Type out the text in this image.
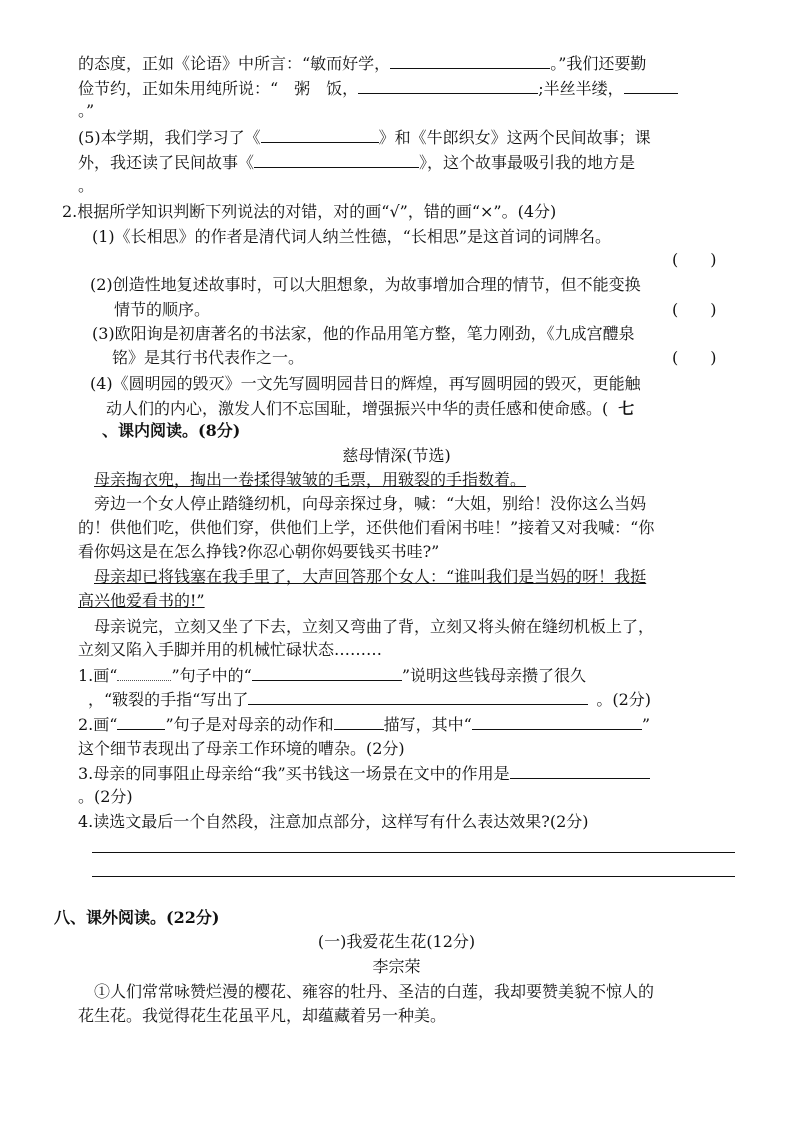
的态度，正如《论语》中所言：“敏而好学，	。”我们还要勤
俭节约，正如朱用纯所说：“　粥　饭，	;半丝半缕，
。”
(5)本学期，我们学习了《	》和《牛郎织女》这两个民间故事；课
外，我还读了民间故事《	》，这个故事最吸引我的地方是
。
2.根据所学知识判断下列说法的对错，对的画“√”，错的画“×”。(4分)
(1)《长相思》的作者是清代词人纳兰性德，“长相思”是这首词的词牌名。
(　　)
(2)创造性地复述故事时，可以大胆想象，为故事增加合理的情节，但不能变换
情节的顺序。	(　　)
(3)欧阳询是初唐著名的书法家，他的作品用笔方整，笔力刚劲，《九成宫醴泉
铭》是其行书代表作之一。	(　　)
(4)《圆明园的毁灭》一文先写圆明园昔日的辉煌，再写圆明园的毁灭，更能触
动人们的内心，激发人们不忘国耻，增强振兴中华的责任感和使命感。( 七
、课内阅读。(8分)
慈母情深(节选)
母亲掏衣兜，掏出一卷揉得皱皱的毛票，用皲裂的手指数着。
旁边一个女人停止踏缝纫机，向母亲探过身，喊：“大姐，别给！没你这么当妈
的！供他们吃，供他们穿，供他们上学，还供他们看闲书哇！”接着又对我喊：“你
看你妈这是在怎么挣钱?你忍心朝你妈要钱买书哇?”
母亲却已将钱塞在我手里了，大声回答那个女人：“谁叫我们是当妈的呀！我挺
高兴他爱看书的!”
母亲说完，立刻又坐了下去，立刻又弯曲了背，立刻又将头俯在缝纫机板上了，
立刻又陷入手脚并用的机械忙碌状态………
1.画“	”句子中的“	”说明这些钱母亲攒了很久
，“皲裂的手指“写出了	。(2分)
2.画“	”句子是对母亲的动作和	描写，其中“	”
这个细节表现出了母亲工作环境的嘈杂。(2分)
3.母亲的同事阻止母亲给“我”买书钱这一场景在文中的作用是
。(2分)
4.读选文最后一个自然段，注意加点部分，这样写有什么表达效果?(2分)
八、课外阅读。(22分)
(一)我爱花生花(12分)
李宗荣
①人们常常咏赞烂漫的樱花、雍容的牡丹、圣洁的白莲，我却要赞美貌不惊人的
花生花。我觉得花生花虽平凡，却蕴藏着另一种美。
